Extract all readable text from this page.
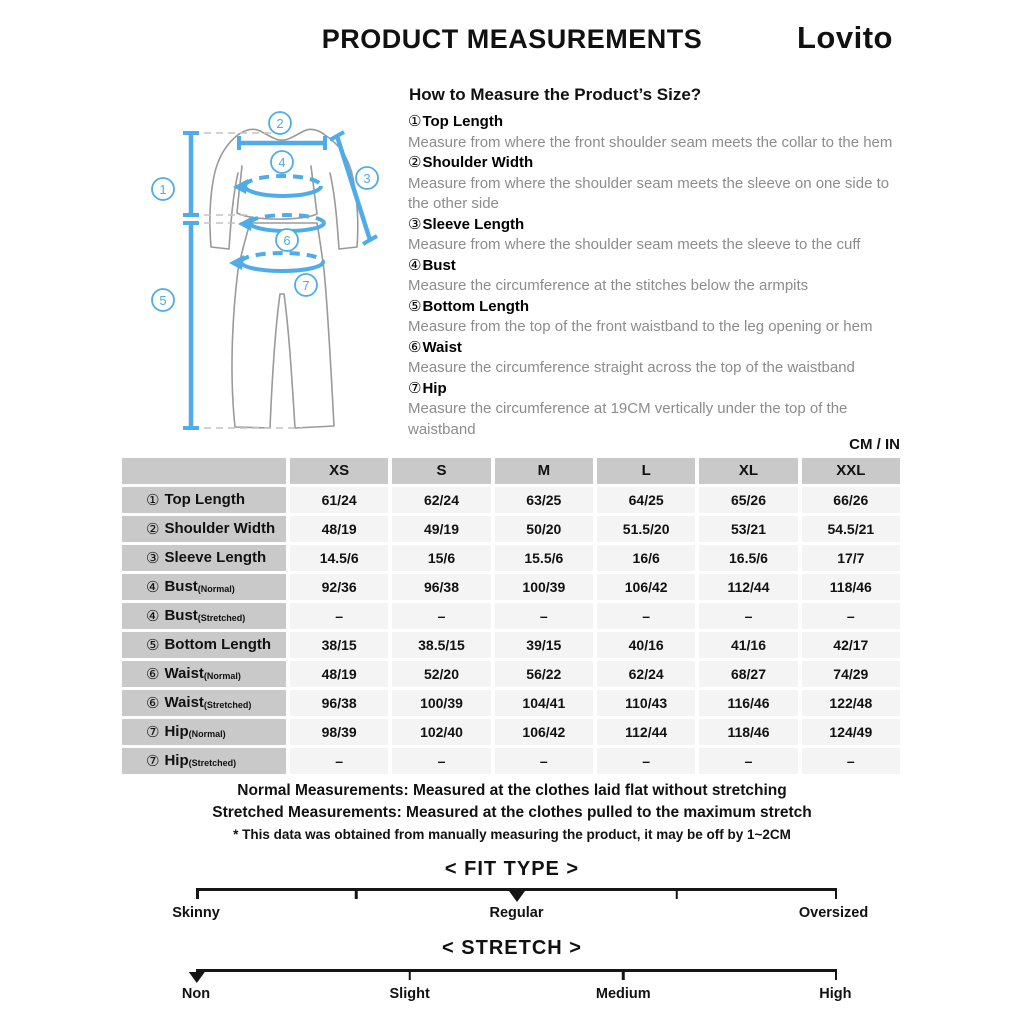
PRODUCT MEASUREMENTS	Lovito
How to Measure the Product’s Size?
①Top Length
Measure from where the front shoulder seam meets the collar to the hem
②Shoulder Width
Measure from where the shoulder seam meets the sleeve on one side to the other side
③Sleeve Length
Measure from where the shoulder seam meets the sleeve to the cuff
④Bust
Measure the circumference at the stitches below the armpits
⑤Bottom Length
Measure from the top of the front waistband to the leg opening or hem
⑥Waist
Measure the circumference straight across the top of the waistband
⑦Hip
Measure the circumference at 19CM vertically under the top of the waistband
1
2
3
4
5
6
7
CM / IN
XS	S	M	L	XL	XXL
① Top Length	61/24	62/24	63/25	64/25	65/26	66/26
② Shoulder Width	48/19	49/19	50/20	51.5/20	53/21	54.5/21
③ Sleeve Length	14.5/6	15/6	15.5/6	16/6	16.5/6	17/7
④ Bust (Normal)	92/36	96/38	100/39	106/42	112/44	118/46
④ Bust (Stretched)	–	–	–	–	–	–
⑤ Bottom Length	38/15	38.5/15	39/15	40/16	41/16	42/17
⑥ Waist (Normal)	48/19	52/20	56/22	62/24	68/27	74/29
⑥ Waist (Stretched)	96/38	100/39	104/41	110/43	116/46	122/48
⑦ Hip (Normal)	98/39	102/40	106/42	112/44	118/46	124/49
⑦ Hip (Stretched)	–	–	–	–	–	–
Normal Measurements: Measured at the clothes laid flat without stretching
Stretched Measurements: Measured at the clothes pulled to the maximum stretch
* This data was obtained from manually measuring the product, it may be off by 1~2CM
< FIT TYPE >
Skinny	Regular	Oversized
< STRETCH >
Non	Slight	Medium	High
